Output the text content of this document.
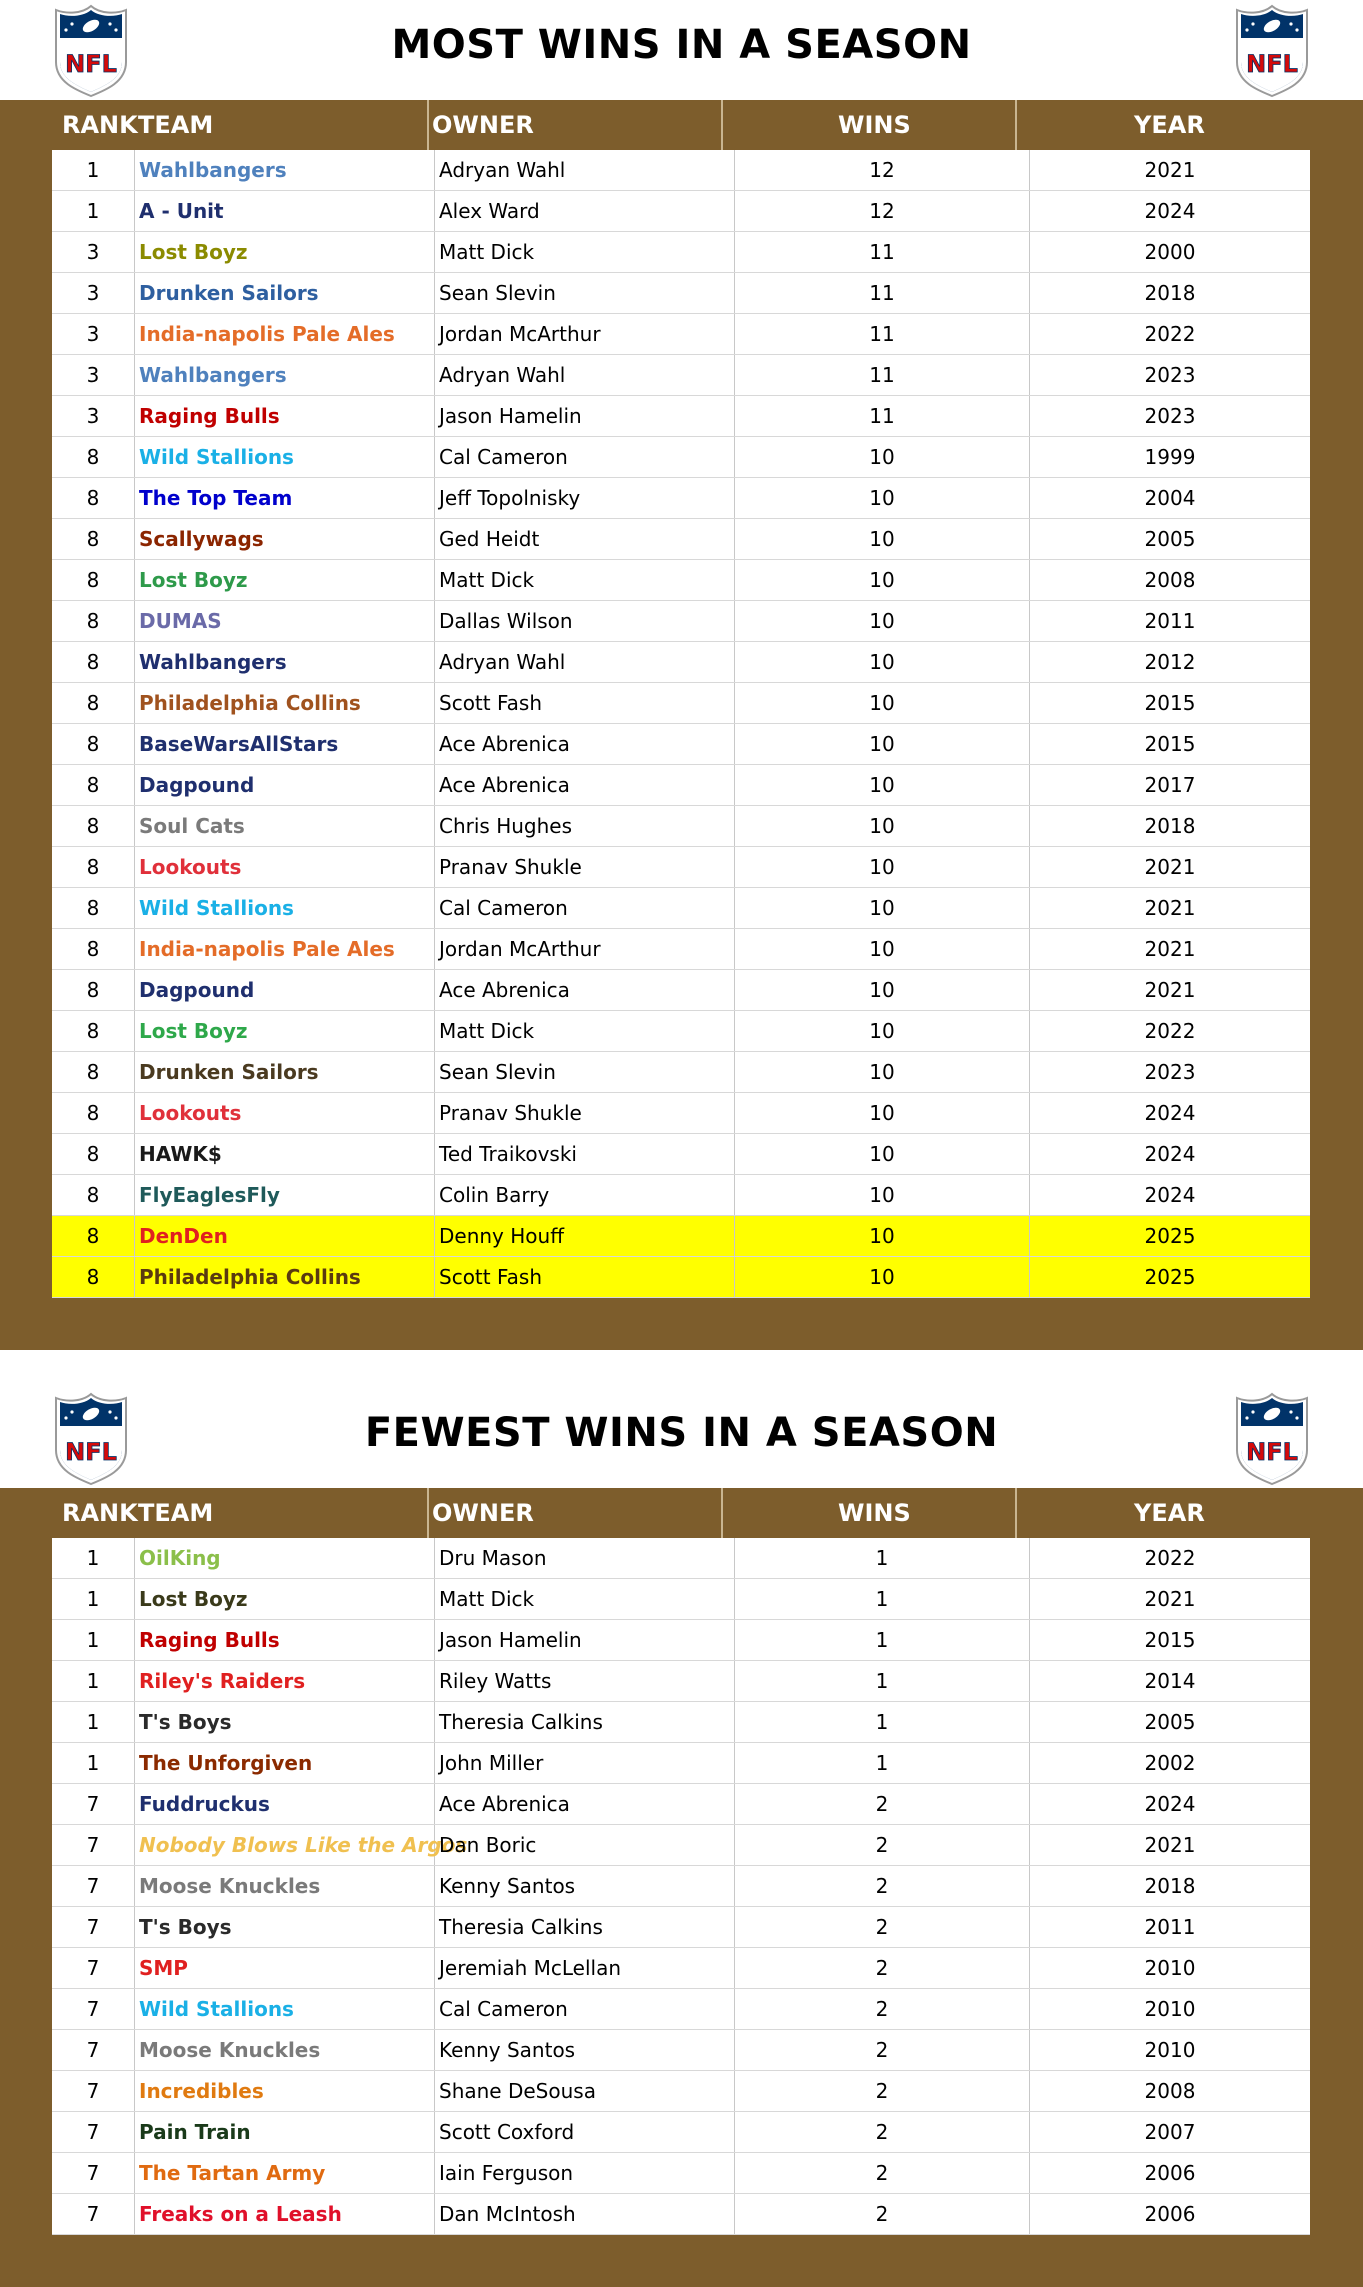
NFL	MOST WINS IN A SEASON	NFL
RANK TEAM	OWNER	WINS	YEAR
1	Wahlbangers	Adryan Wahl	12	2021
1	A - Unit	Alex Ward	12	2024
3	Lost Boyz	Matt Dick	11	2000
3	Drunken Sailors	Sean Slevin	11	2018
3	India-napolis Pale Ales	Jordan McArthur	11	2022
3	Wahlbangers	Adryan Wahl	11	2023
3	Raging Bulls	Jason Hamelin	11	2023
8	Wild Stallions	Cal Cameron	10	1999
8	The Top Team	Jeff Topolnisky	10	2004
8	Scallywags	Ged Heidt	10	2005
8	Lost Boyz	Matt Dick	10	2008
8	DUMAS	Dallas Wilson	10	2011
8	Wahlbangers	Adryan Wahl	10	2012
8	Philadelphia Collins	Scott Fash	10	2015
8	BaseWarsAllStars	Ace Abrenica	10	2015
8	Dagpound	Ace Abrenica	10	2017
8	Soul Cats	Chris Hughes	10	2018
8	Lookouts	Pranav Shukle	10	2021
8	Wild Stallions	Cal Cameron	10	2021
8	India-napolis Pale Ales	Jordan McArthur	10	2021
8	Dagpound	Ace Abrenica	10	2021
8	Lost Boyz	Matt Dick	10	2022
8	Drunken Sailors	Sean Slevin	10	2023
8	Lookouts	Pranav Shukle	10	2024
8	HAWK$	Ted Traikovski	10	2024
8	FlyEaglesFly	Colin Barry	10	2024
8	DenDen	Denny Houff	10	2025
8	Philadelphia Collins	Scott Fash	10	2025
NFL	FEWEST WINS IN A SEASON	NFL
RANK TEAM	OWNER	WINS	YEAR
1	OilKing	Dru Mason	1	2022
1	Lost Boyz	Matt Dick	1	2021
1	Raging Bulls	Jason Hamelin	1	2015
1	Riley's Raiders	Riley Watts	1	2014
1	T's Boys	Theresia Calkins	1	2005
1	The Unforgiven	John Miller	1	2002
7	Fuddruckus	Ace Abrenica	2	2024
7	Nobody Blows Like the Argos	Dan Boric	2	2021
7	Moose Knuckles	Kenny Santos	2	2018
7	T's Boys	Theresia Calkins	2	2011
7	SMP	Jeremiah McLellan	2	2010
7	Wild Stallions	Cal Cameron	2	2010
7	Moose Knuckles	Kenny Santos	2	2010
7	Incredibles	Shane DeSousa	2	2008
7	Pain Train	Scott Coxford	2	2007
7	The Tartan Army	Iain Ferguson	2	2006
7	Freaks on a Leash	Dan McIntosh	2	2006
